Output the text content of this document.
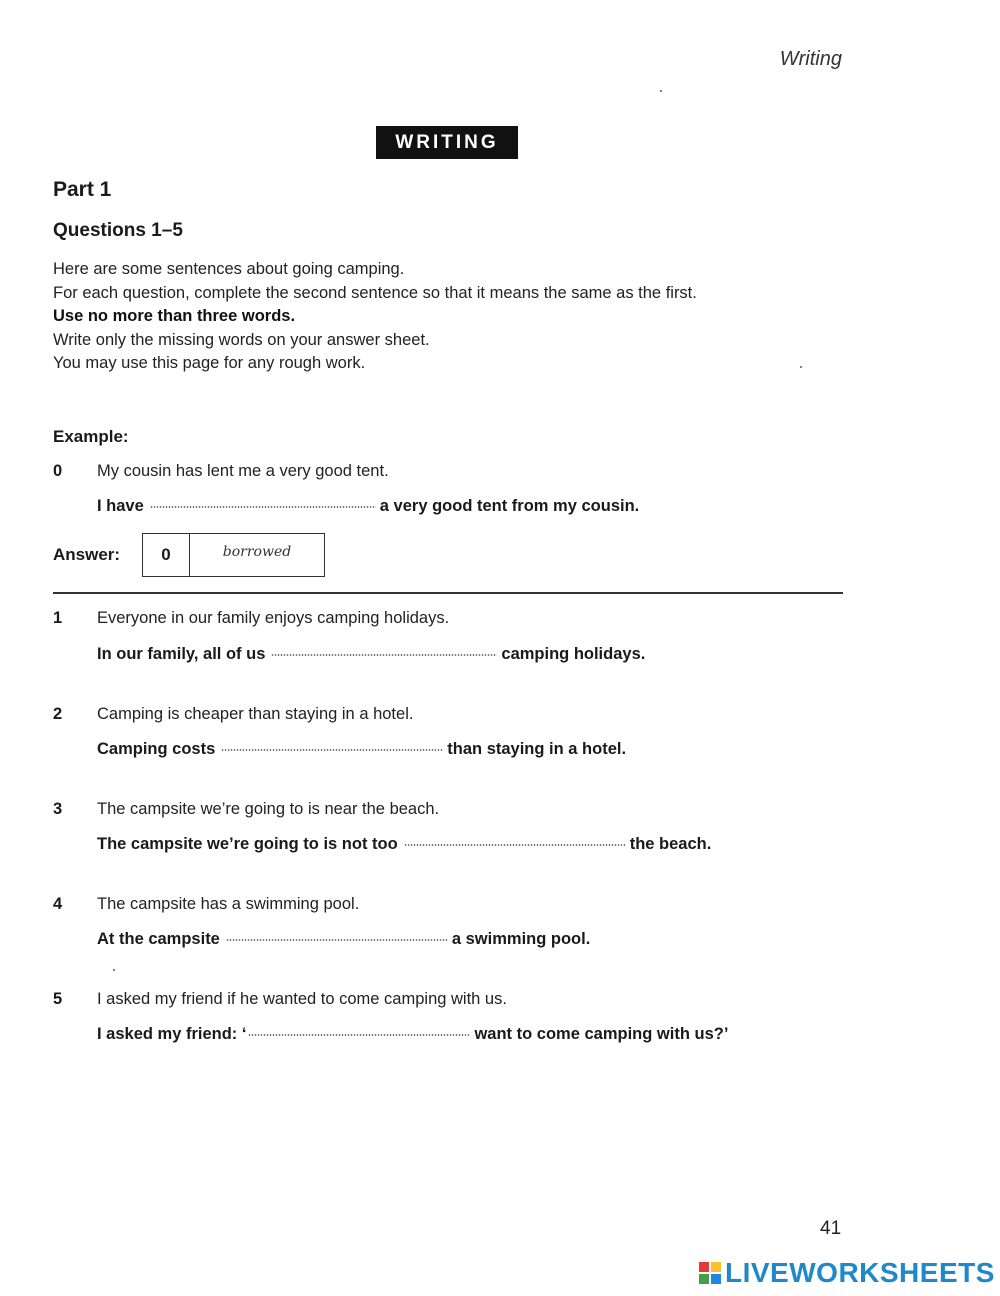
Writing
WRITING
Part 1
Questions 1–5
Here are some sentences about going camping.
For each question, complete the second sentence so that it means the same as the first.
Use no more than three words.
Write only the missing words on your answer sheet.
You may use this page for any rough work.
Example:
0 My cousin has lent me a very good tent.
I have	a very good tent from my cousin.
Answer:	0	borrowed
1 Everyone in our family enjoys camping holidays.
In our family, all of us	camping holidays.
2 Camping is cheaper than staying in a hotel.
Camping costs	than staying in a hotel.
3 The campsite we’re going to is near the beach.
The campsite we’re going to is not too	the beach.
4 The campsite has a swimming pool.
At the campsite	a swimming pool.
5 I asked my friend if he wanted to come camping with us.
I asked my friend: ‘	want to come camping with us?’
41
LIVEWORKSHEETS
